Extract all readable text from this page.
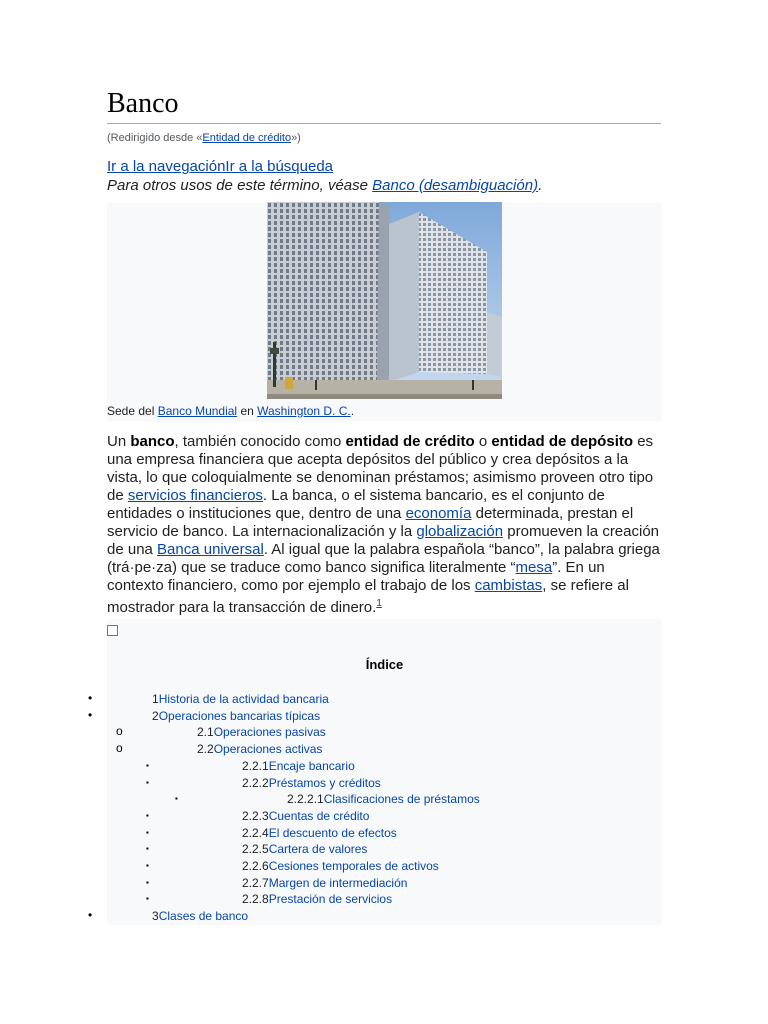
Banco
(Redirigido desde «Entidad de crédito»)
Ir a la navegaciónIr a la búsqueda
Para otros usos de este término, véase Banco (desambiguación).
Sede del Banco Mundial en Washington D. C..
Un banco, también conocido como entidad de crédito o entidad de depósito es una empresa financiera que acepta depósitos del público y crea depósitos a la vista, lo que coloquialmente se denominan préstamos; asimismo proveen otro tipo de servicios financieros. La banca, o el sistema bancario, es el conjunto de entidades o instituciones que, dentro de una economía determinada, prestan el servicio de banco. La internacionalización y la globalización promueven la creación de una Banca universal. Al igual que la palabra española “banco”, la palabra griega (trá·pe·za) que se traduce como banco significa literalmente “mesa”. En un contexto financiero, como por ejemplo el trabajo de los cambistas, se refiere al mostrador para la transacción de dinero.$^1$
Índice
•	1Historia de la actividad bancaria
•	2Operaciones bancarias típicas
o	2.1Operaciones pasivas
o	2.2Operaciones activas
▪	2.2.1Encaje bancario
▪	2.2.2Préstamos y créditos
▪	2.2.2.1Clasificaciones de préstamos
▪	2.2.3Cuentas de crédito
▪	2.2.4El descuento de efectos
▪	2.2.5Cartera de valores
▪	2.2.6Cesiones temporales de activos
▪	2.2.7Margen de intermediación
▪	2.2.8Prestación de servicios
•	3Clases de banco
